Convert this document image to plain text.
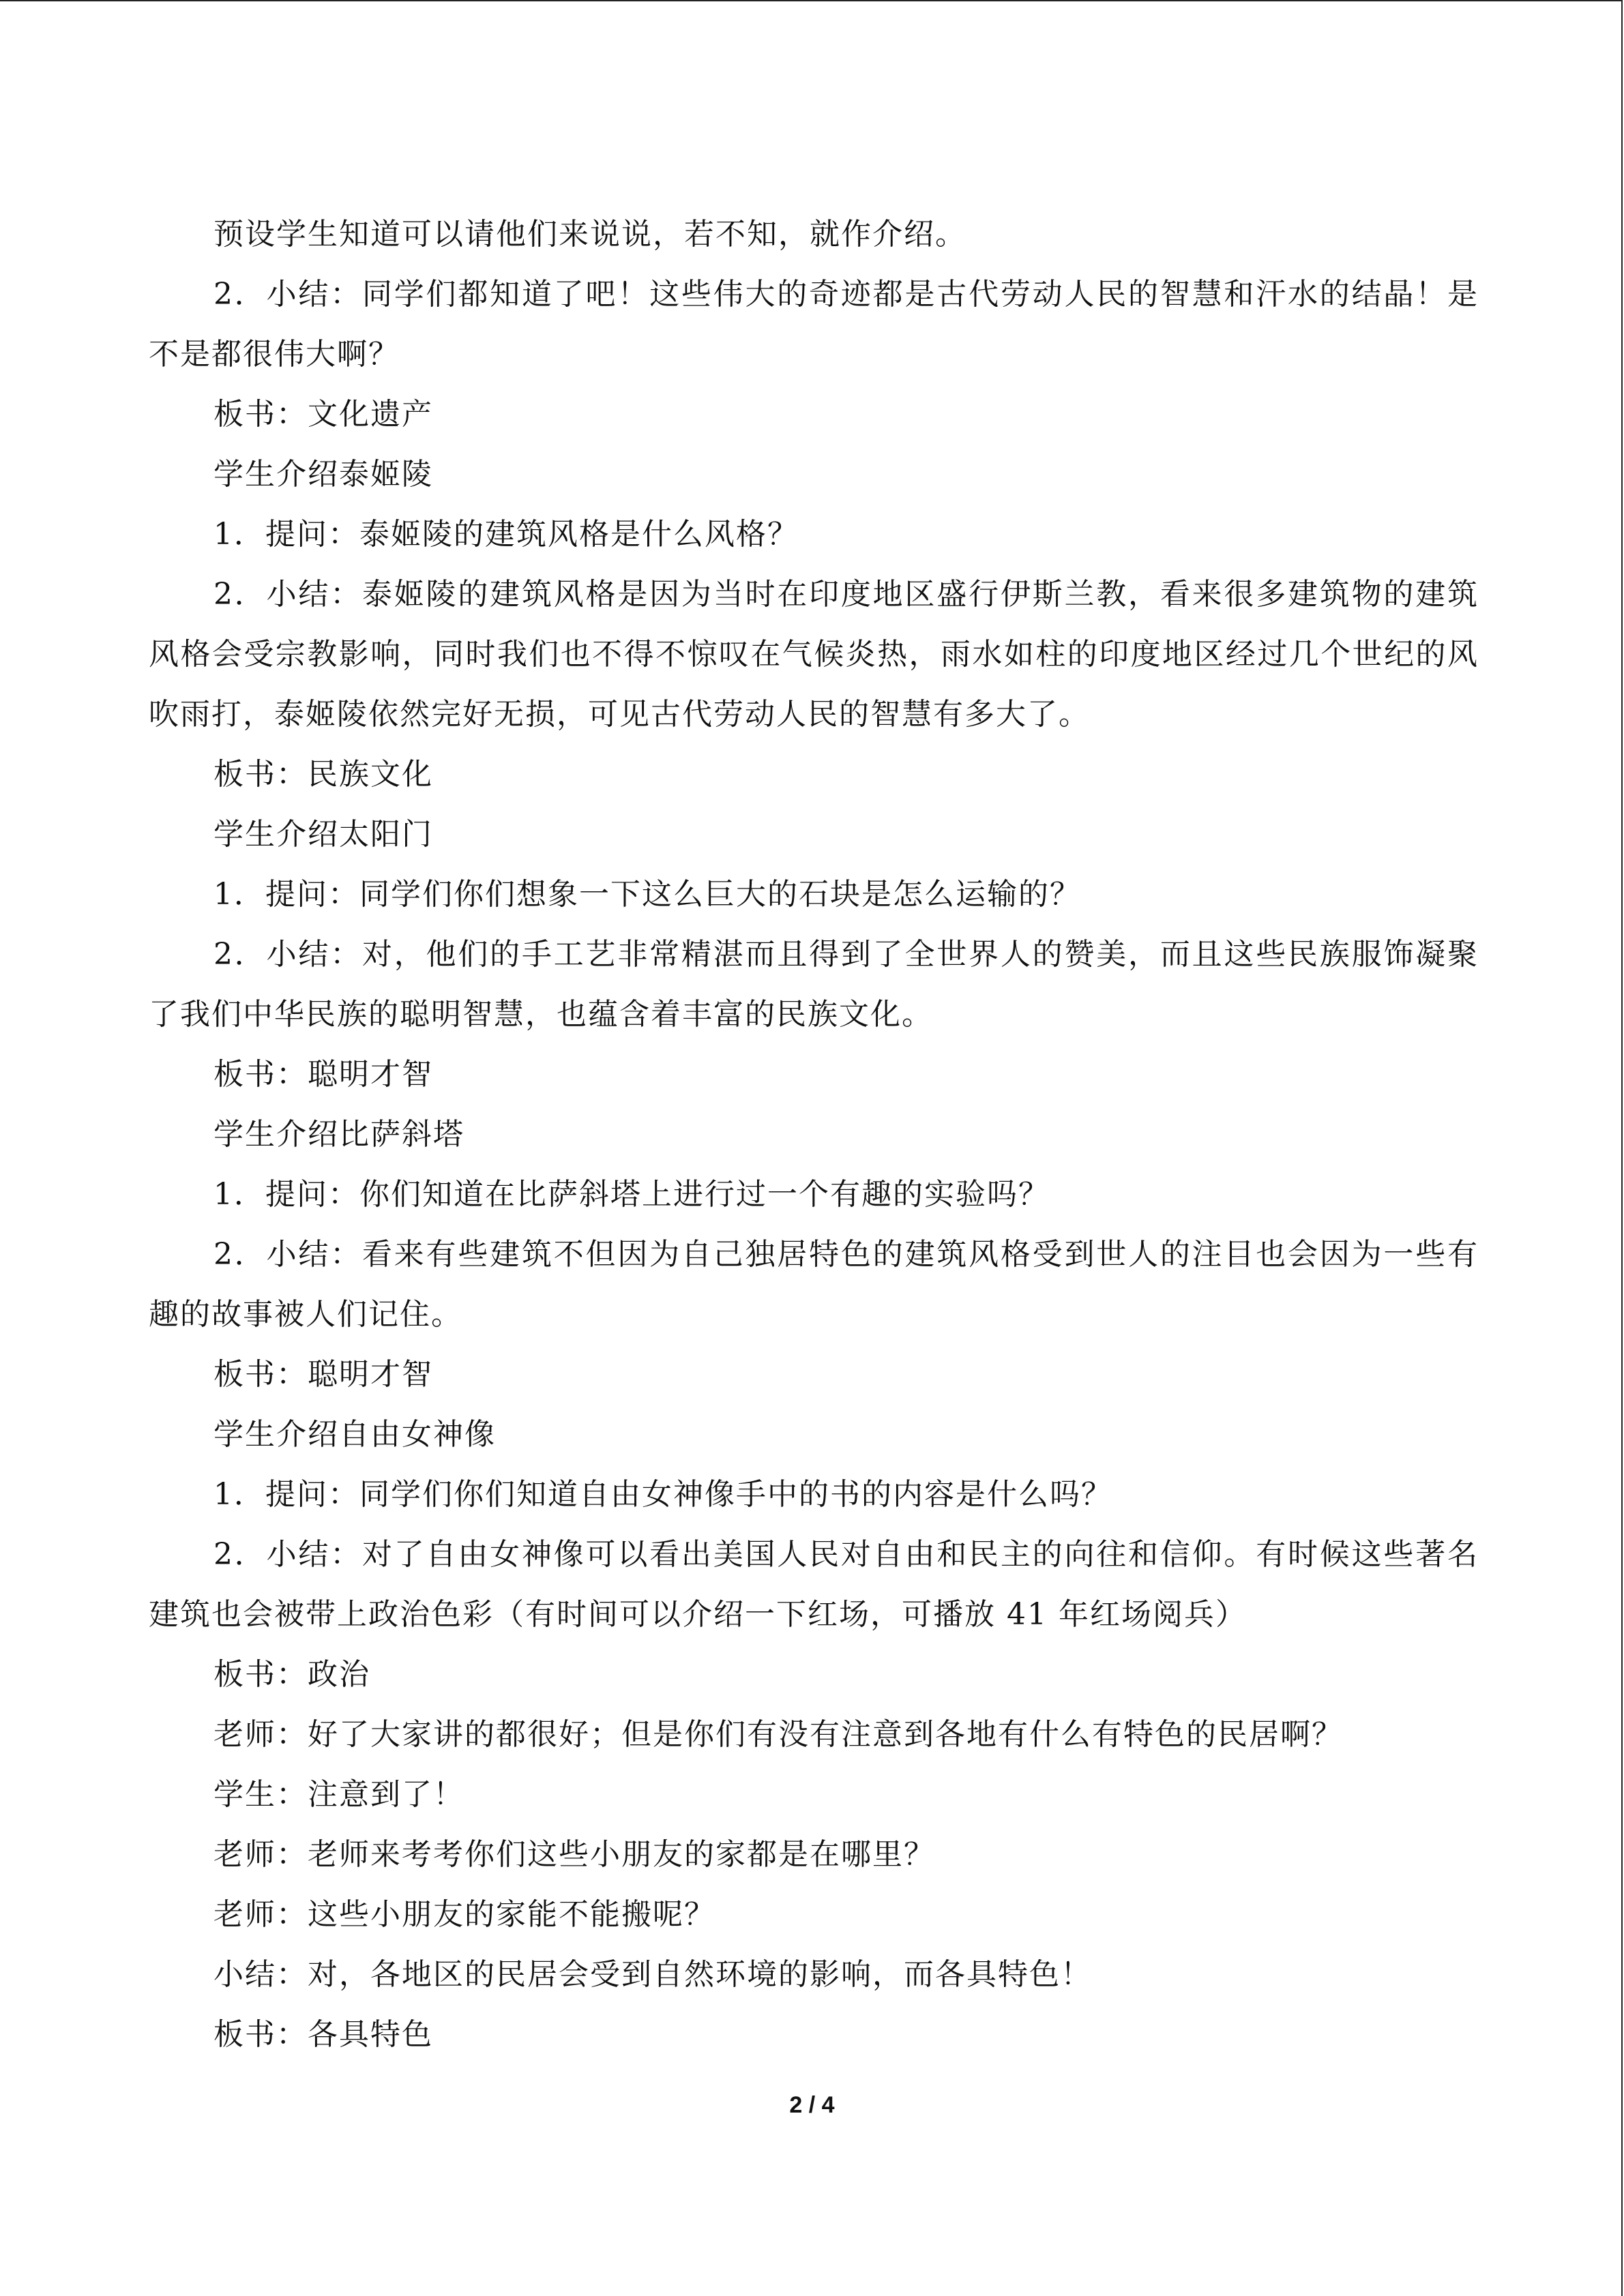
预设学生知道可以请他们来说说，若不知，就作介绍。

2．小结：同学们都知道了吧！这些伟大的奇迹都是古代劳动人民的智慧和汗水的结晶！是不是都很伟大啊？

板书：文化遗产

学生介绍泰姬陵

1．提问：泰姬陵的建筑风格是什么风格？

2．小结：泰姬陵的建筑风格是因为当时在印度地区盛行伊斯兰教，看来很多建筑物的建筑风格会受宗教影响，同时我们也不得不惊叹在气候炎热，雨水如柱的印度地区经过几个世纪的风吹雨打，泰姬陵依然完好无损，可见古代劳动人民的智慧有多大了。

板书：民族文化

学生介绍太阳门

1．提问：同学们你们想象一下这么巨大的石块是怎么运输的？

2．小结：对，他们的手工艺非常精湛而且得到了全世界人的赞美，而且这些民族服饰凝聚了我们中华民族的聪明智慧，也蕴含着丰富的民族文化。

板书：聪明才智

学生介绍比萨斜塔

1．提问：你们知道在比萨斜塔上进行过一个有趣的实验吗？

2．小结：看来有些建筑不但因为自己独居特色的建筑风格受到世人的注目也会因为一些有趣的故事被人们记住。

板书：聪明才智

学生介绍自由女神像

1．提问：同学们你们知道自由女神像手中的书的内容是什么吗？

2．小结：对了自由女神像可以看出美国人民对自由和民主的向往和信仰。有时候这些著名建筑也会被带上政治色彩（有时间可以介绍一下红场，可播放 41 年红场阅兵）

板书：政治

老师：好了大家讲的都很好；但是你们有没有注意到各地有什么有特色的民居啊？

学生：注意到了！

老师：老师来考考你们这些小朋友的家都是在哪里？

老师：这些小朋友的家能不能搬呢？

小结：对，各地区的民居会受到自然环境的影响，而各具特色！

板书：各具特色

2 / 4
